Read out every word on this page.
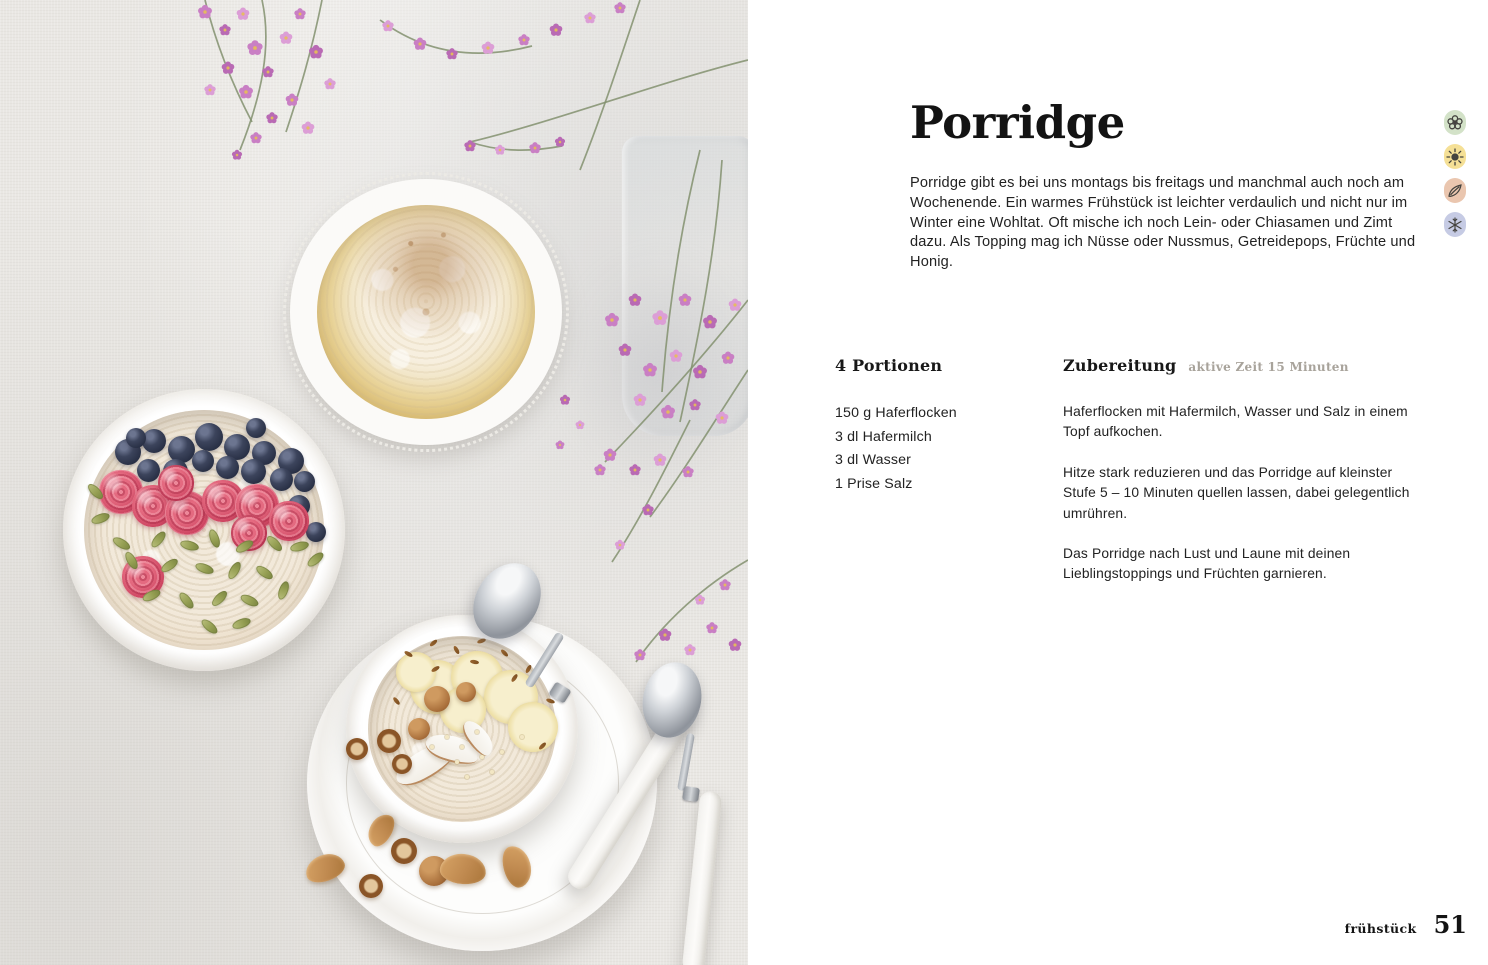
Porridge

Porridge gibt es bei uns montags bis freitags und manchmal auch noch am Wochenende. Ein warmes Frühstück ist leichter verdaulich und nicht nur im Winter eine Wohltat. Oft mische ich noch Lein- oder Chiasamen und Zimt dazu. Als Topping mag ich Nüsse oder Nussmus, Getreidepops, Früchte und Honig.

4 Portionen
150 g Haferflocken
3 dl Hafermilch
3 dl Wasser
1 Prise Salz
Zubereitung aktive Zeit 15 Minuten

Haferflocken mit Hafermilch, Wasser und Salz in einem Topf aufkochen.

Hitze stark reduzieren und das Porridge auf kleinster Stufe 5 – 10 Minuten quellen lassen, dabei gelegentlich umrühren.

Das Porridge nach Lust und Laune mit deinen Lieblingstoppings und Früchten garnieren.

frühstück 51
